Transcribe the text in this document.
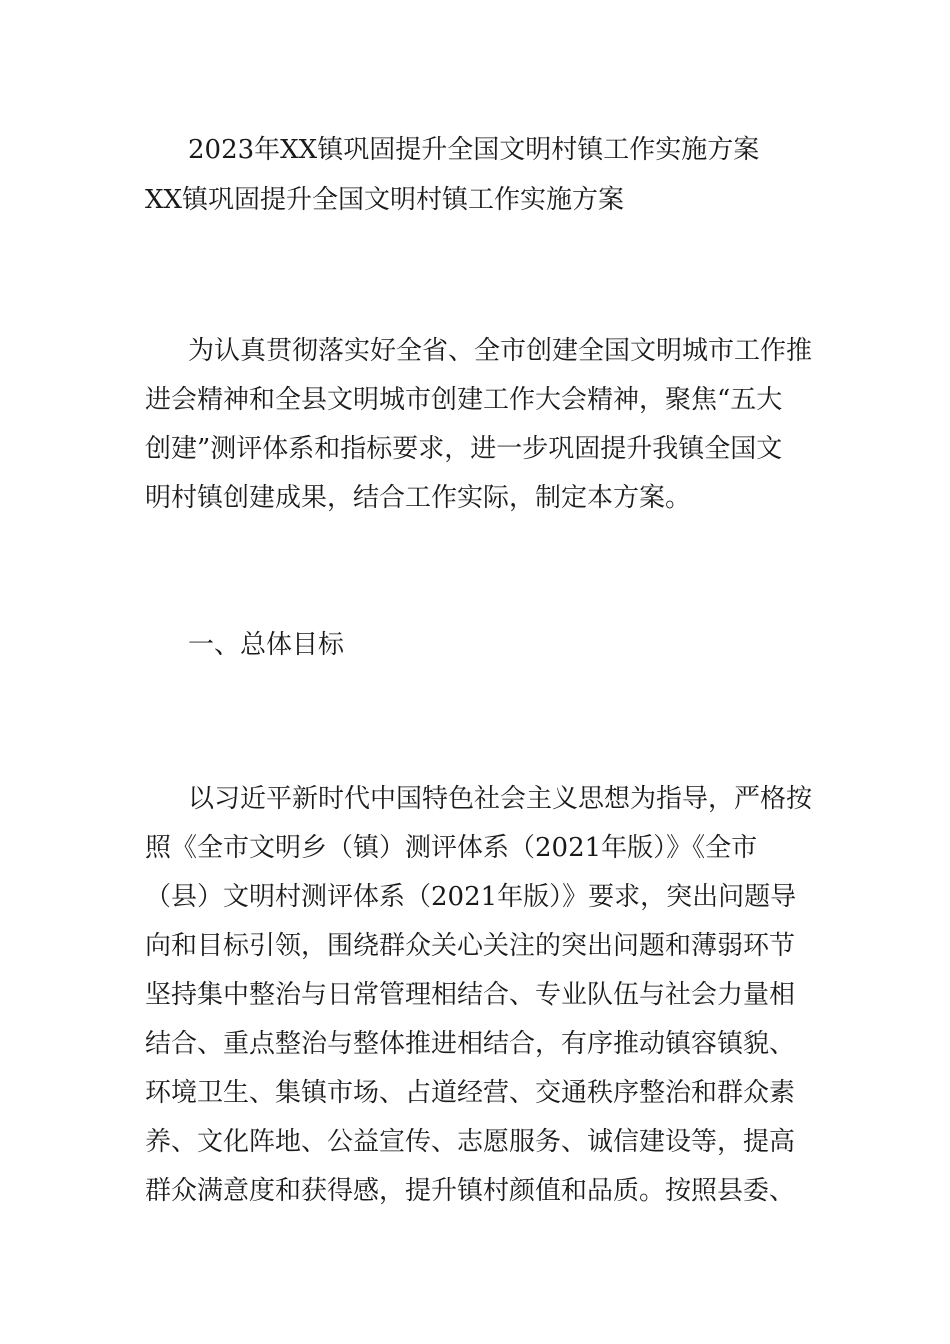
2023年XX镇巩固提升全国文明村镇工作实施方案
XX镇巩固提升全国文明村镇工作实施方案
为认真贯彻落实好全省、全市创建全国文明城市工作推
进会精神和全县文明城市创建工作大会精神，聚焦“五大
创建”测评体系和指标要求，进一步巩固提升我镇全国文
明村镇创建成果，结合工作实际，制定本方案。
一、总体目标
以习近平新时代中国特色社会主义思想为指导，严格按
照《全市文明乡（镇）测评体系（2021年版）》《全市
（县）文明村测评体系（2021年版）》要求，突出问题导
向和目标引领，围绕群众关心关注的突出问题和薄弱环节
坚持集中整治与日常管理相结合、专业队伍与社会力量相
结合、重点整治与整体推进相结合，有序推动镇容镇貌、
环境卫生、集镇市场、占道经营、交通秩序整治和群众素
养、文化阵地、公益宣传、志愿服务、诚信建设等，提高
群众满意度和获得感，提升镇村颜值和品质。按照县委、
